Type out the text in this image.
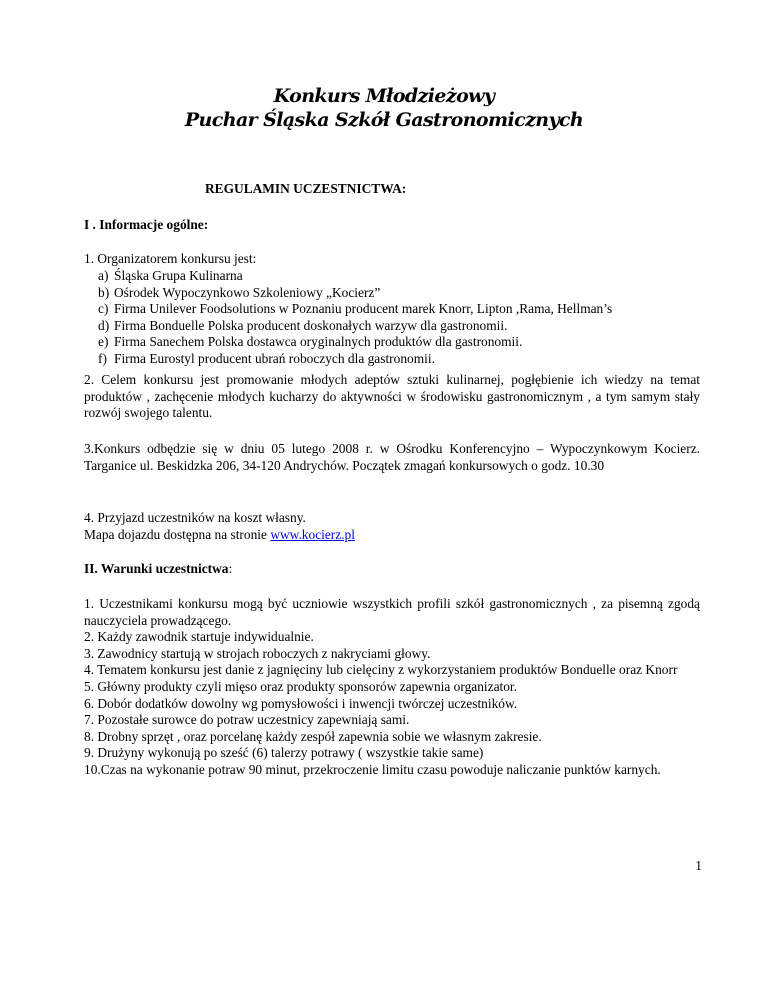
Konkurs Młodzieżowy
Puchar Śląska Szkół Gastronomicznych
REGULAMIN UCZESTNICTWA:
I . Informacje ogólne:
1. Organizatorem konkursu jest:
a) Śląska Grupa Kulinarna
b) Ośrodek Wypoczynkowo Szkoleniowy „Kocierz”
c) Firma Unilever Foodsolutions w Poznaniu producent marek Knorr, Lipton ,Rama, Hellman’s
d) Firma Bonduelle Polska producent doskonałych warzyw dla gastronomii.
e) Firma Sanechem Polska dostawca oryginalnych produktów dla gastronomii.
f) Firma Eurostyl producent ubrań roboczych dla gastronomii.

2. Celem konkursu jest promowanie młodych adeptów sztuki kulinarnej, pogłębienie ich wiedzy na temat produktów , zachęcenie młodych kucharzy do aktywności w środowisku gastronomicznym , a tym samym stały rozwój swojego talentu.

3.Konkurs odbędzie się w dniu 05 lutego 2008 r. w Ośrodku Konferencyjno – Wypoczynkowym Kocierz. Targanice ul. Beskidzka 206, 34-120 Andrychów. Początek zmagań konkursowych o godz. 10.30

4. Przyjazd uczestników na koszt własny.
Mapa dojazdu dostępna na stronie www.kocierz.pl
II. Warunki uczestnictwa:

1. Uczestnikami konkursu mogą być uczniowie wszystkich profili szkół gastronomicznych , za pisemną zgodą nauczyciela prowadzącego.

2. Każdy zawodnik startuje indywidualnie.

3. Zawodnicy startują w strojach roboczych z nakryciami głowy.

4. Tematem konkursu jest danie z jagnięciny lub cielęciny z wykorzystaniem produktów Bonduelle oraz Knorr

5. Główny produkty czyli mięso oraz produkty sponsorów zapewnia organizator.

6. Dobór dodatków dowolny wg pomysłowości i inwencji twórczej uczestników.

7. Pozostałe surowce do potraw uczestnicy zapewniają sami.

8. Drobny sprzęt , oraz porcelanę każdy zespół zapewnia sobie we własnym zakresie.

9. Drużyny wykonują po sześć (6) talerzy potrawy ( wszystkie takie same)

10.Czas na wykonanie potraw 90 minut, przekroczenie limitu czasu powoduje naliczanie punktów karnych.

1
